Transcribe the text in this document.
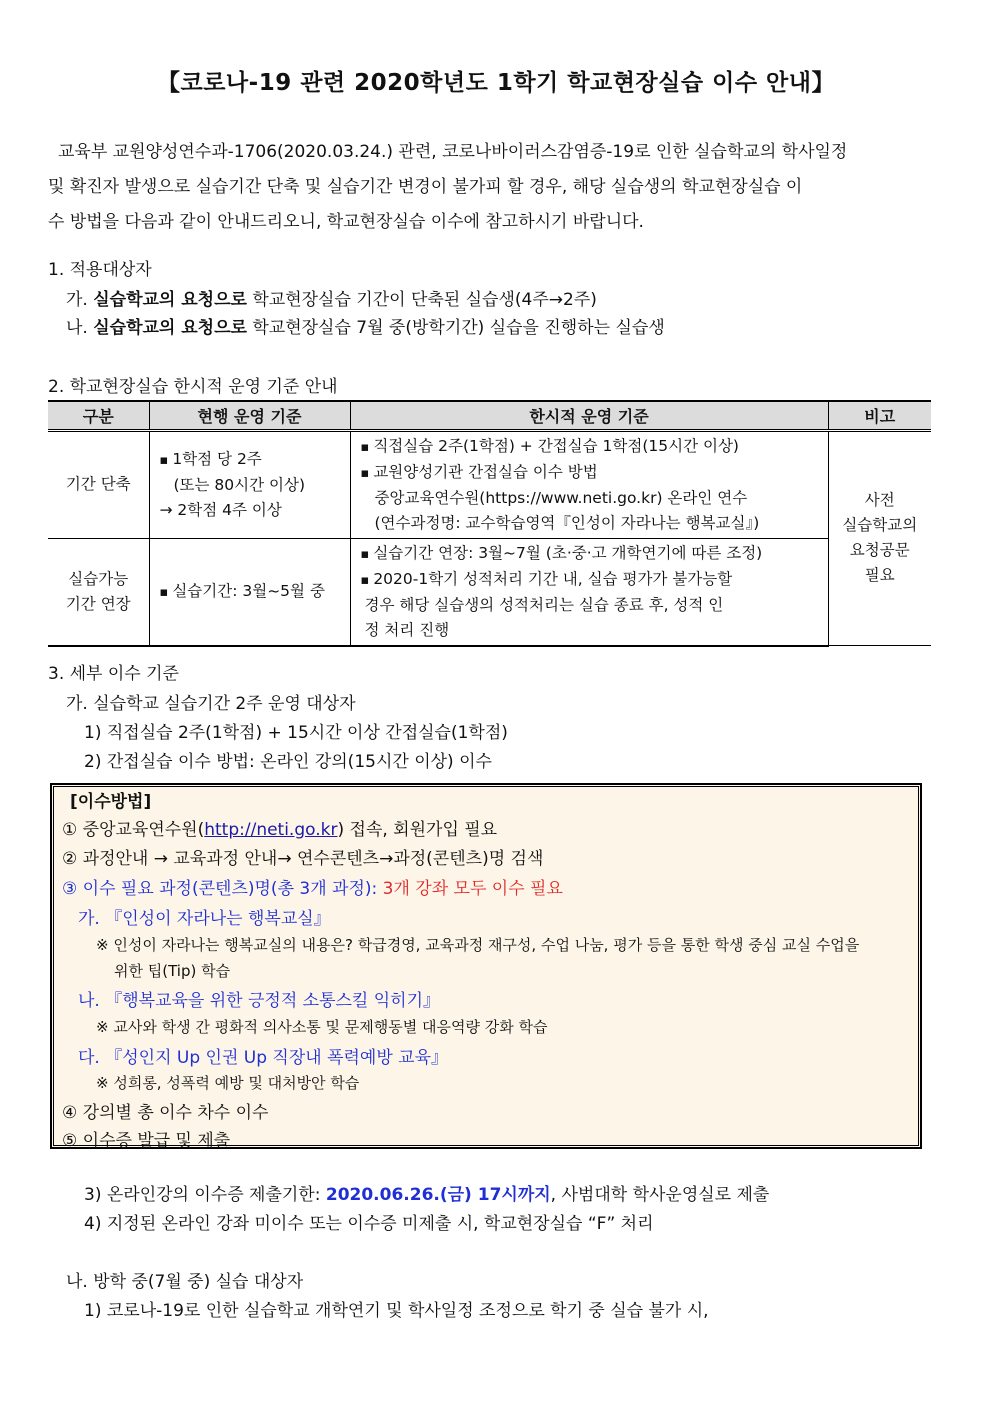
【코로나-19 관련 2020학년도 1학기 학교현장실습 이수 안내】
교육부 교원양성연수과-1706(2020.03.24.) 관련, 코로나바이러스감염증-19로 인한 실습학교의 학사일정
및 확진자 발생으로 실습기간 단축 및 실습기간 변경이 불가피 할 경우, 해당 실습생의 학교현장실습 이
수 방법을 다음과 같이 안내드리오니, 학교현장실습 이수에 참고하시기 바랍니다.
1. 적용대상자
가. 실습학교의 요청으로 학교현장실습 기간이 단축된 실습생(4주→2주)
나. 실습학교의 요청으로 학교현장실습 7월 중(방학기간) 실습을 진행하는 실습생
2. 학교현장실습 한시적 운영 기준 안내
구분	현행 운영 기준	한시적 운영 기준	비고
기간 단축	▪ 1학점 당 2주
(또는 80시간 이상)
→ 2학점 4주 이상	▪ 직접실습 2주(1학점) + 간접실습 1학점(15시간 이상)
▪ 교원양성기관 간접실습 이수 방법
중앙교육연수원(https://www.neti.go.kr) 온라인 연수
(연수과정명: 교수학습영역『인성이 자라나는 행복교실』)	사전
실습학교의
요청공문
필요

실습가능
기간 연장	▪ 실습기간: 3월~5월 중	▪ 실습기간 연장: 3월~7월 (초·중·고 개학연기에 따른 조정)
▪ 2020-1학기 성적처리 기간 내, 실습 평가가 불가능할
경우 해당 실습생의 성적처리는 실습 종료 후, 성적 인
정 처리 진행
3. 세부 이수 기준
가. 실습학교 실습기간 2주 운영 대상자
1) 직접실습 2주(1학점) + 15시간 이상 간접실습(1학점)
2) 간접실습 이수 방법: 온라인 강의(15시간 이상) 이수
[이수방법]
① 중앙교육연수원(http://neti.go.kr) 접속, 회원가입 필요
② 과정안내 → 교육과정 안내→ 연수콘텐츠→과정(콘텐츠)명 검색
③ 이수 필요 과정(콘텐츠)명(총 3개 과정): 3개 강좌 모두 이수 필요
가. 『인성이 자라나는 행복교실』
※ 인성이 자라나는 행복교실의 내용은? 학급경영, 교육과정 재구성, 수업 나눔, 평가 등을 통한 학생 중심 교실 수업을
위한 팁(Tip) 학습
나. 『행복교육을 위한 긍정적 소통스킬 익히기』
※ 교사와 학생 간 평화적 의사소통 및 문제행동별 대응역량 강화 학습
다. 『성인지 Up 인권 Up 직장내 폭력예방 교육』
※ 성희롱, 성폭력 예방 및 대처방안 학습
④ 강의별 총 이수 차수 이수
⑤ 이수증 발급 및 제출
3) 온라인강의 이수증 제출기한: 2020.06.26.(금) 17시까지, 사범대학 학사운영실로 제출
4) 지정된 온라인 강좌 미이수 또는 이수증 미제출 시, 학교현장실습 “F” 처리
나. 방학 중(7월 중) 실습 대상자
1) 코로나-19로 인한 실습학교 개학연기 및 학사일정 조정으로 학기 중 실습 불가 시,
